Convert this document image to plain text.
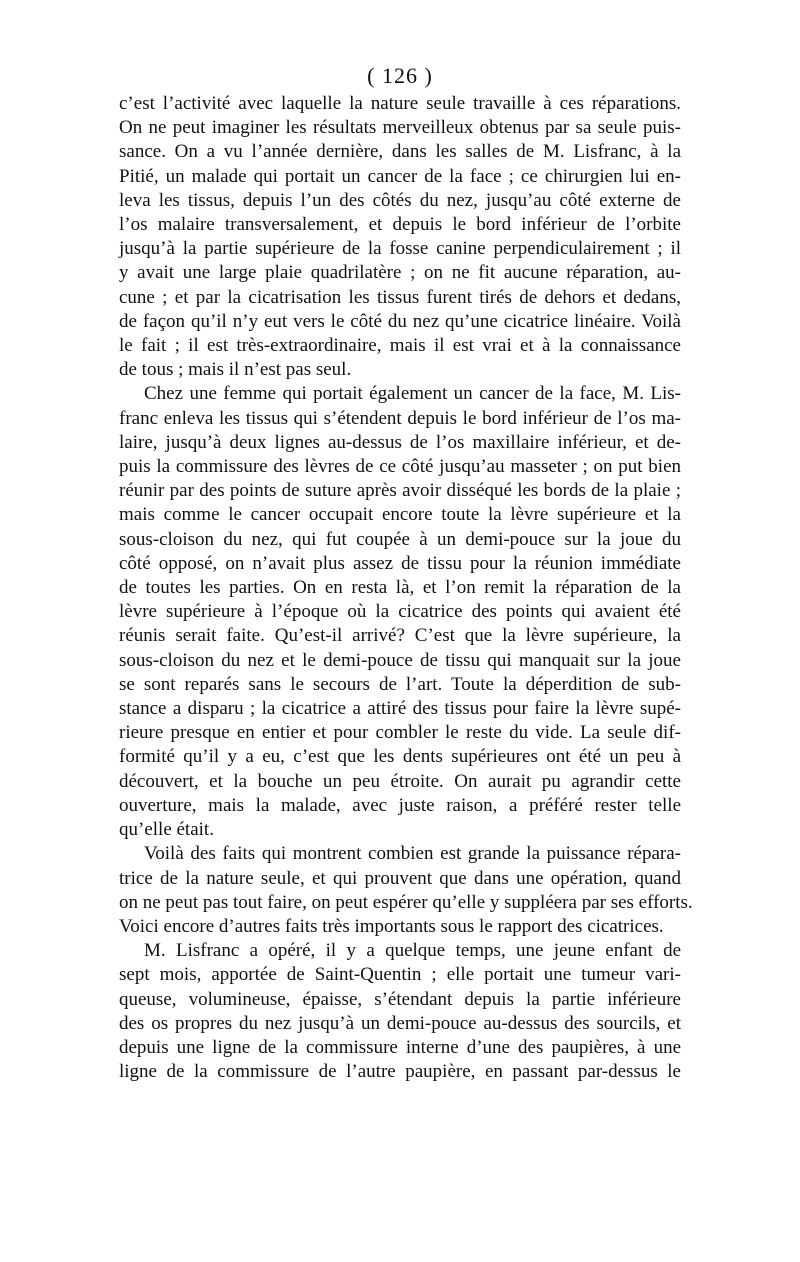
( 126 )
c’est l’activité avec laquelle la nature seule travaille à ces réparations.
On ne peut imaginer les résultats merveilleux obtenus par sa seule puis-
sance. On a vu l’année dernière, dans les salles de M. Lisfranc, à la
Pitié, un malade qui portait un cancer de la face ; ce chirurgien lui en-
leva les tissus, depuis l’un des côtés du nez, jusqu’au côté externe de
l’os malaire transversalement, et depuis le bord inférieur de l’orbite
jusqu’à la partie supérieure de la fosse canine perpendiculairement ; il
y avait une large plaie quadrilatère ; on ne fit aucune réparation, au-
cune ; et par la cicatrisation les tissus furent tirés de dehors et dedans,
de façon qu’il n’y eut vers le côté du nez qu’une cicatrice linéaire. Voilà
le fait ; il est très-extraordinaire, mais il est vrai et à la connaissance
de tous ; mais il n’est pas seul.
Chez une femme qui portait également un cancer de la face, M. Lis-
franc enleva les tissus qui s’étendent depuis le bord inférieur de l’os ma-
laire, jusqu’à deux lignes au-dessus de l’os maxillaire inférieur, et de-
puis la commissure des lèvres de ce côté jusqu’au masseter ; on put bien
réunir par des points de suture après avoir disséqué les bords de la plaie ;
mais comme le cancer occupait encore toute la lèvre supérieure et la
sous-cloison du nez, qui fut coupée à un demi-pouce sur la joue du
côté opposé, on n’avait plus assez de tissu pour la réunion immédiate
de toutes les parties. On en resta là, et l’on remit la réparation de la
lèvre supérieure à l’époque où la cicatrice des points qui avaient été
réunis serait faite. Qu’est-il arrivé? C’est que la lèvre supérieure, la
sous-cloison du nez et le demi-pouce de tissu qui manquait sur la joue
se sont reparés sans le secours de l’art. Toute la déperdition de sub-
stance a disparu ; la cicatrice a attiré des tissus pour faire la lèvre supé-
rieure presque en entier et pour combler le reste du vide. La seule dif-
formité qu’il y a eu, c’est que les dents supérieures ont été un peu à
découvert, et la bouche un peu étroite. On aurait pu agrandir cette
ouverture, mais la malade, avec juste raison, a préféré rester telle
qu’elle était.
Voilà des faits qui montrent combien est grande la puissance répara-
trice de la nature seule, et qui prouvent que dans une opération, quand
on ne peut pas tout faire, on peut espérer qu’elle y suppléera par ses efforts.
Voici encore d’autres faits très importants sous le rapport des cicatrices.
M. Lisfranc a opéré, il y a quelque temps, une jeune enfant de
sept mois, apportée de Saint-Quentin ; elle portait une tumeur vari-
queuse, volumineuse, épaisse, s’étendant depuis la partie inférieure
des os propres du nez jusqu’à un demi-pouce au-dessus des sourcils, et
depuis une ligne de la commissure interne d’une des paupières, à une
ligne de la commissure de l’autre paupière, en passant par-dessus le
